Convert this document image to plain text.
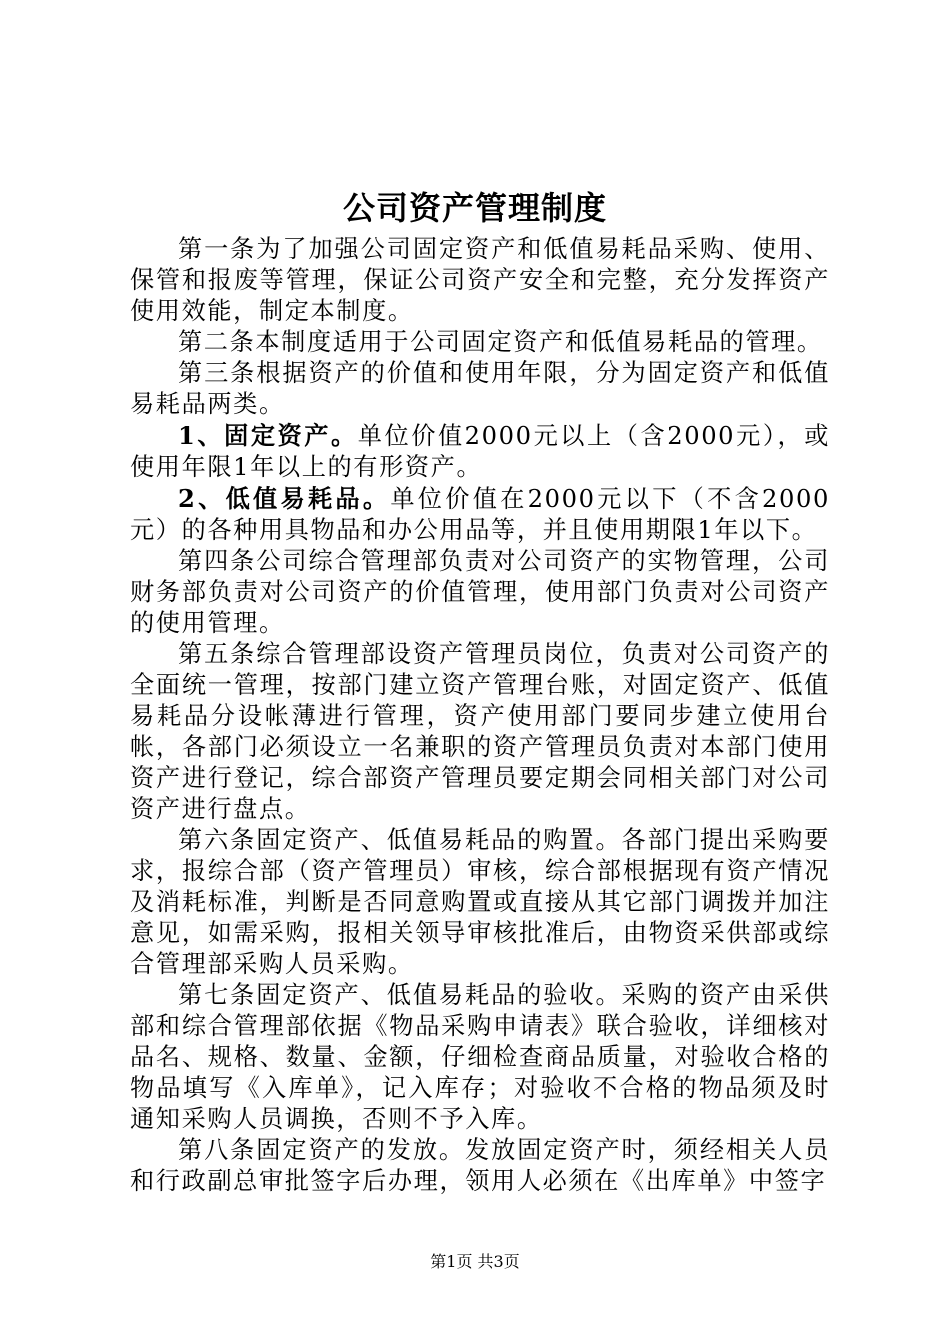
公司资产管理制度

第一条为了加强公司固定资产和低值易耗品采购、使用、保管和报废等管理，保证公司资产安全和完整，充分发挥资产使用效能，制定本制度。

第二条本制度适用于公司固定资产和低值易耗品的管理。

第三条根据资产的价值和使用年限，分为固定资产和低值易耗品两类。

1、固定资产。单位价值2000元以上（含2000元），或使用年限1年以上的有形资产。

2、低值易耗品。单位价值在2000元以下（不含2000元）的各种用具物品和办公用品等，并且使用期限1年以下。

第四条公司综合管理部负责对公司资产的实物管理，公司财务部负责对公司资产的价值管理，使用部门负责对公司资产的使用管理。

第五条综合管理部设资产管理员岗位，负责对公司资产的全面统一管理，按部门建立资产管理台账，对固定资产、低值易耗品分设帐薄进行管理，资产使用部门要同步建立使用台帐，各部门必须设立一名兼职的资产管理员负责对本部门使用资产进行登记，综合部资产管理员要定期会同相关部门对公司资产进行盘点。

第六条固定资产、低值易耗品的购置。各部门提出采购要求，报综合部（资产管理员）审核，综合部根据现有资产情况及消耗标准，判断是否同意购置或直接从其它部门调拨并加注意见，如需采购，报相关领导审核批准后，由物资采供部或综合管理部采购人员采购。

第七条固定资产、低值易耗品的验收。采购的资产由采供部和综合管理部依据《物品采购申请表》联合验收，详细核对品名、规格、数量、金额，仔细检查商品质量，对验收合格的物品填写《入库单》，记入库存；对验收不合格的物品须及时通知采购人员调换，否则不予入库。

第八条固定资产的发放。发放固定资产时，须经相关人员和行政副总审批签字后办理，领用人必须在《出库单》中签字

第1页 共3页
